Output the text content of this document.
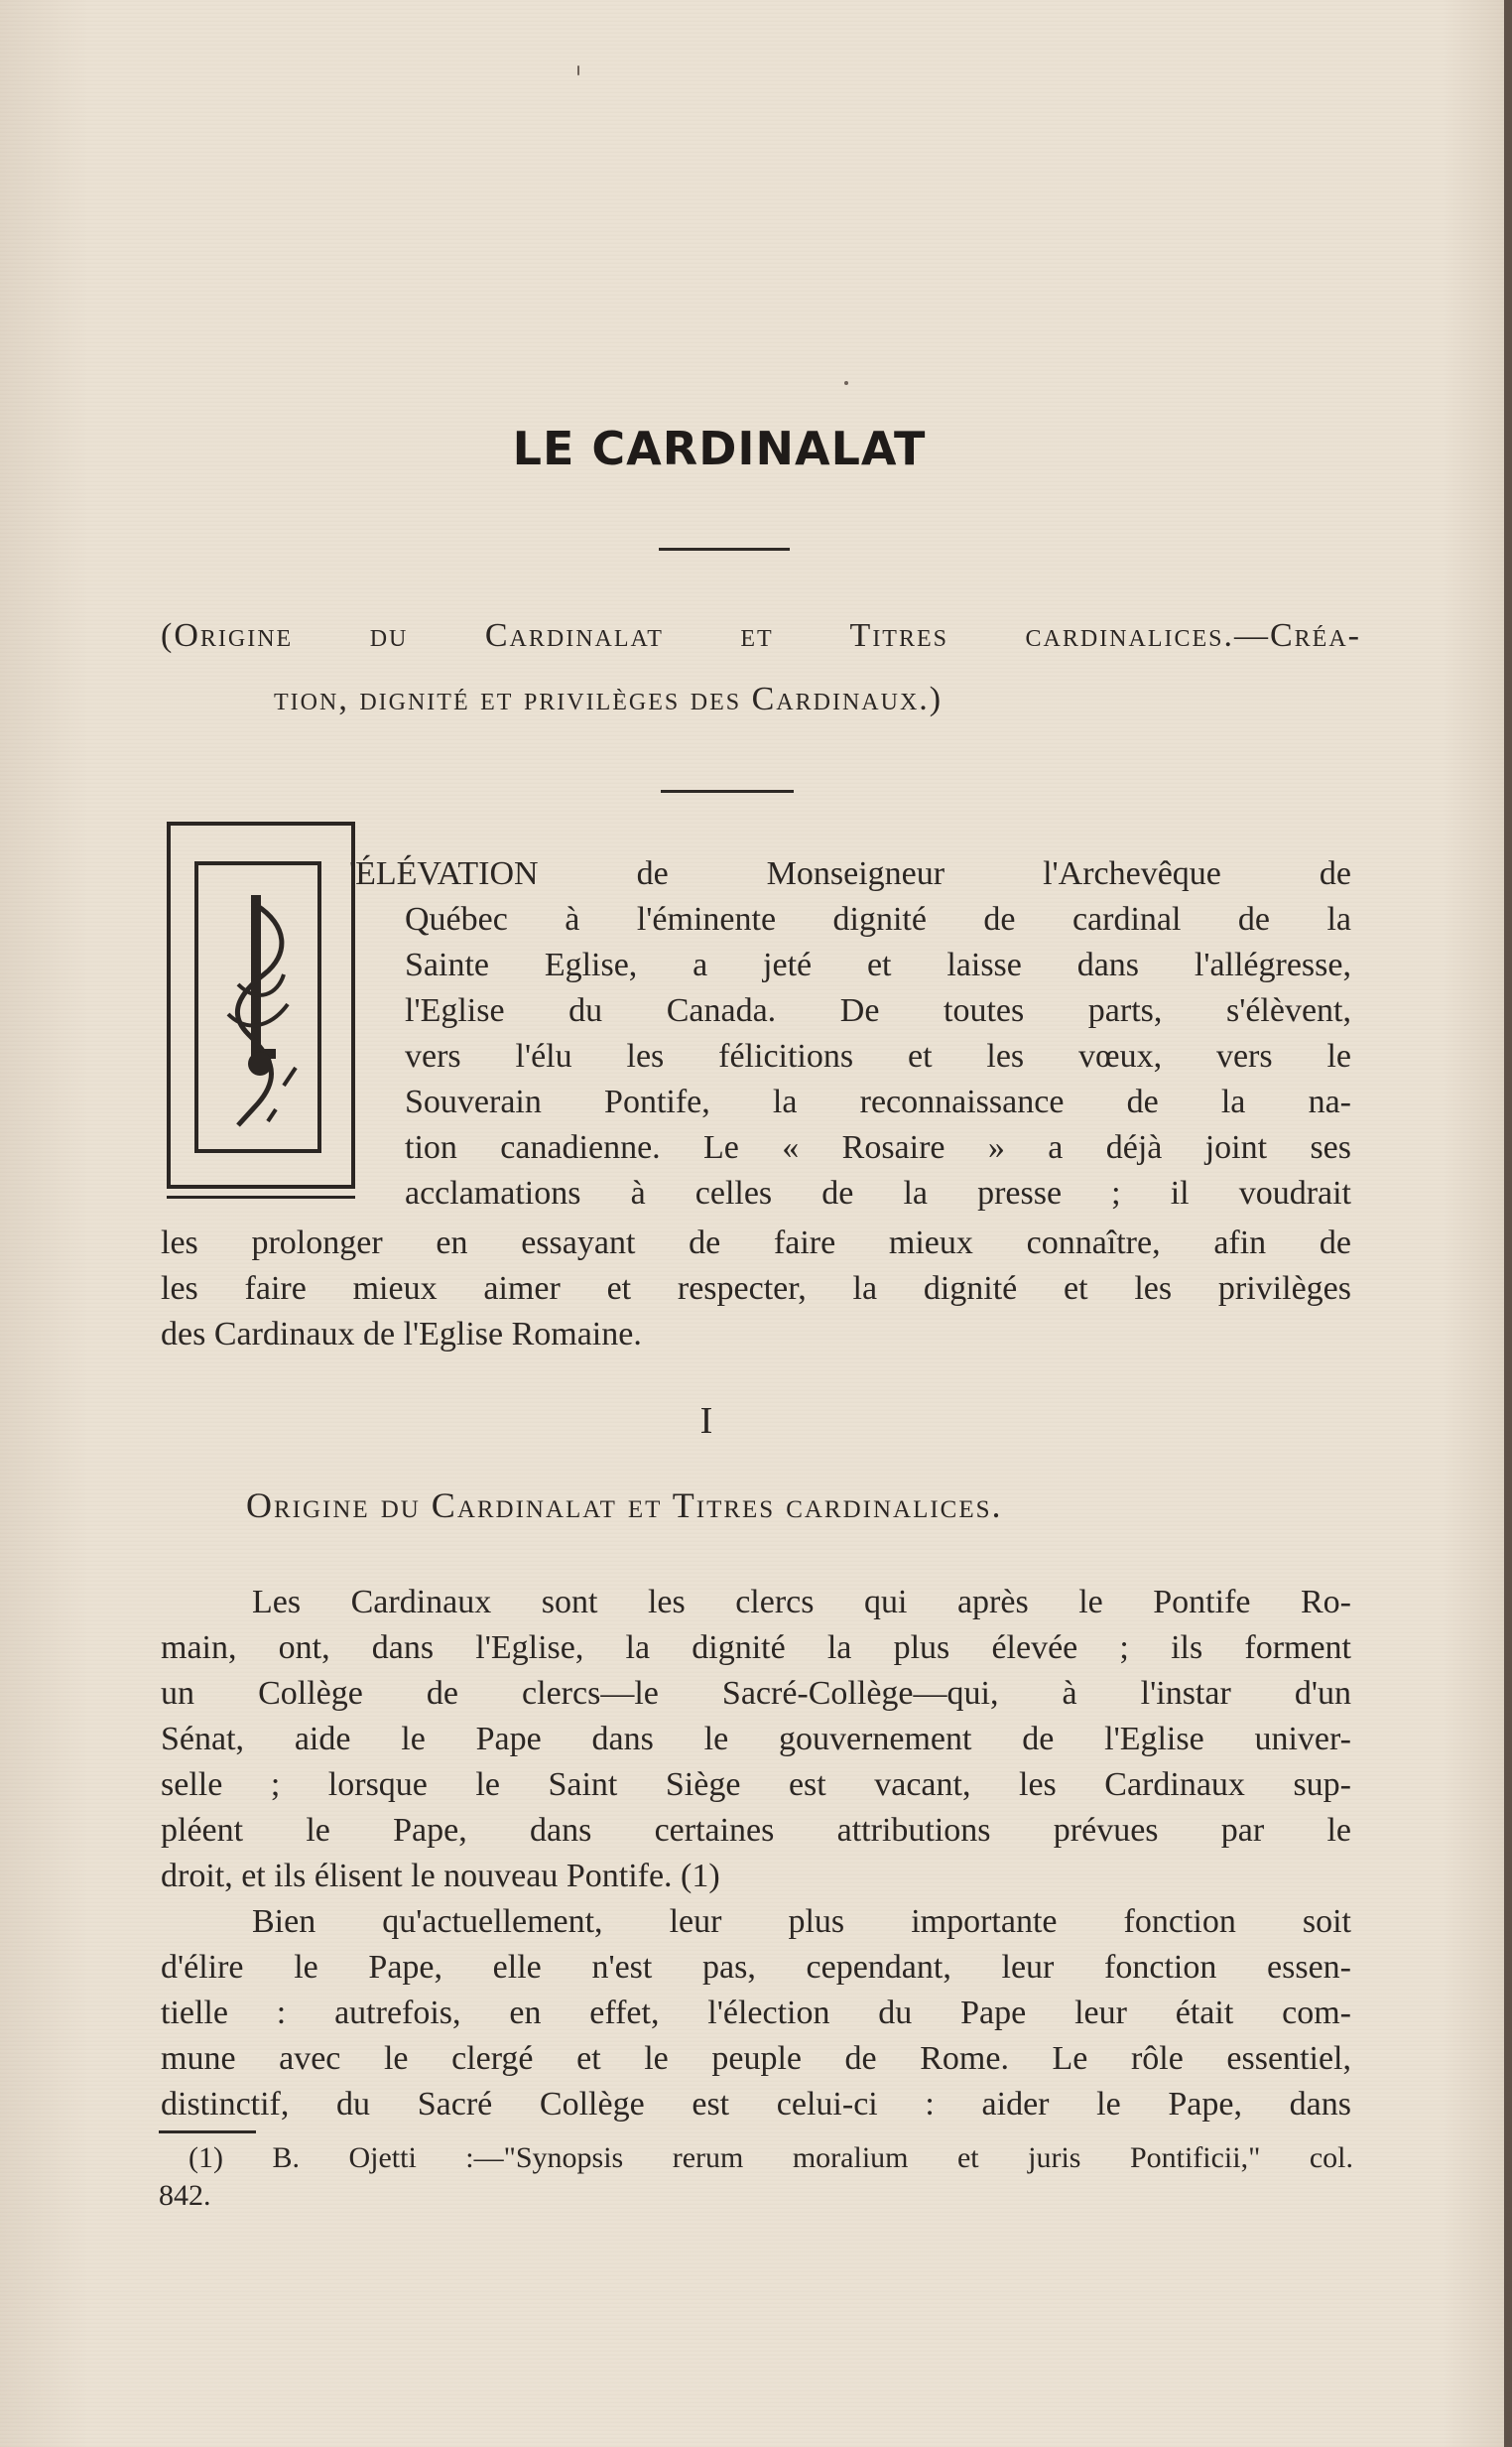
LE CARDINALAT
(Origine du Cardinalat et Titres cardinalices.—Créa-
tion, dignité et privilèges des Cardinaux.)
'ÉLÉVATION de Monseigneur l'Archevêque de
Québec à l'éminente dignité de cardinal de la
Sainte Eglise, a jeté et laisse dans l'allégresse,
l'Eglise du Canada. De toutes parts, s'élèvent,
vers l'élu les félicitions et les vœux, vers le
Souverain Pontife, la reconnaissance de la na-
tion canadienne. Le « Rosaire » a déjà joint ses
acclamations à celles de la presse ; il voudrait
les prolonger en essayant de faire mieux connaître, afin de
les faire mieux aimer et respecter, la dignité et les privilèges
des Cardinaux de l'Eglise Romaine.
I
Origine du Cardinalat et Titres cardinalices.
Les Cardinaux sont les clercs qui après le Pontife Ro-
main, ont, dans l'Eglise, la dignité la plus élevée ; ils forment
un Collège de clercs—le Sacré-Collège—qui, à l'instar d'un
Sénat, aide le Pape dans le gouvernement de l'Eglise univer-
selle ; lorsque le Saint Siège est vacant, les Cardinaux sup-
pléent le Pape, dans certaines attributions prévues par le
droit, et ils élisent le nouveau Pontife. (1)
Bien qu'actuellement, leur plus importante fonction soit
d'élire le Pape, elle n'est pas, cependant, leur fonction essen-
tielle : autrefois, en effet, l'élection du Pape leur était com-
mune avec le clergé et le peuple de Rome. Le rôle essentiel,
distinctif, du Sacré Collège est celui-ci : aider le Pape, dans
(1) B. Ojetti :—"Synopsis rerum moralium et juris Pontificii," col.
842.
